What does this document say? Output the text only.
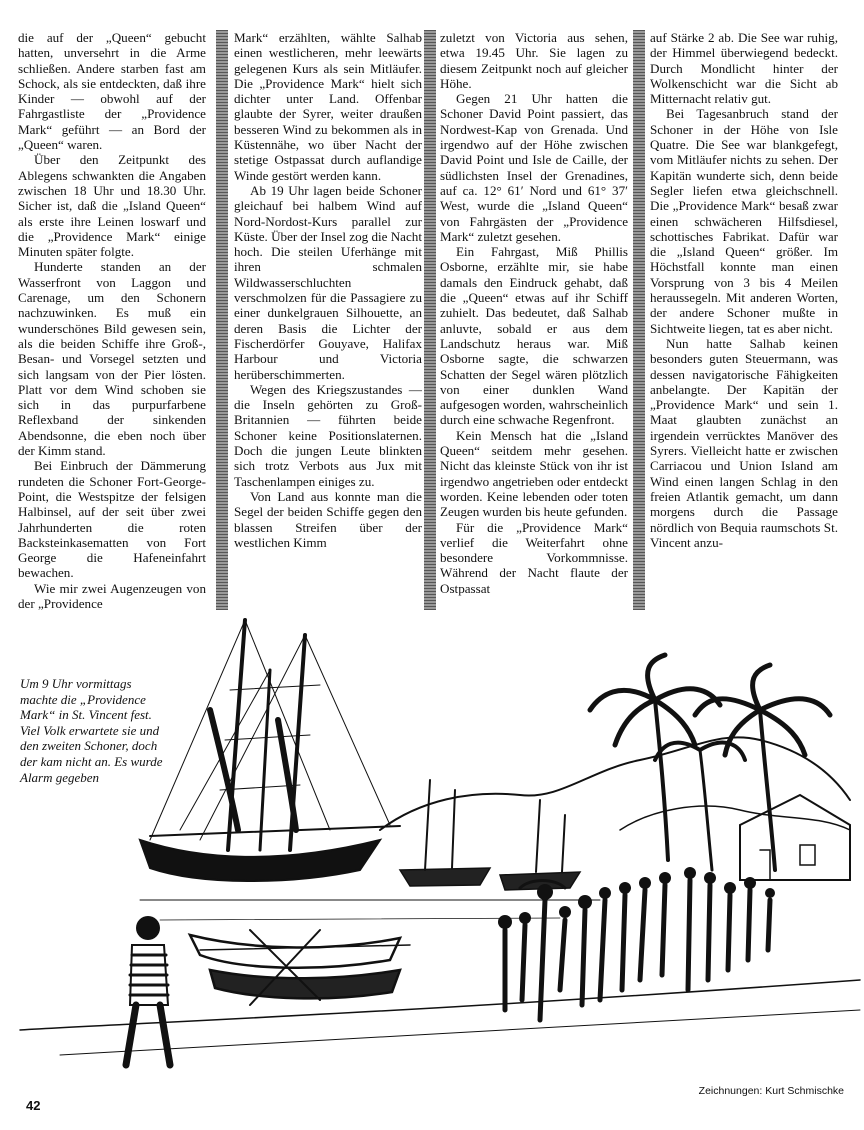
die auf der „Queen“ gebucht hatten, unversehrt in die Arme schließen. Andere starben fast am Schock, als sie entdeckten, daß ihre Kinder — obwohl auf der Fahrgastliste der „Providence Mark“ geführt — an Bord der „Queen“ waren.

Über den Zeitpunkt des Ablegens schwankten die Angaben zwischen 18 Uhr und 18.30 Uhr. Sicher ist, daß die „Island Queen“ als erste ihre Leinen loswarf und die „Providence Mark“ einige Minuten später folgte.

Hunderte standen an der Wasserfront von Laggon und Carenage, um den Schonern nachzuwinken. Es muß ein wunderschönes Bild gewesen sein, als die beiden Schiffe ihre Groß-, Besan- und Vorsegel setzten und sich langsam von der Pier lösten. Platt vor dem Wind schoben sie sich in das purpurfarbene Reflexband der sinkenden Abendsonne, die eben noch über der Kimm stand.

Bei Einbruch der Dämmerung rundeten die Schoner Fort-George-Point, die Westspitze der felsigen Halbinsel, auf der seit über zwei Jahrhunderten die roten Backsteinkasematten von Fort George die Hafeneinfahrt bewachen.

Wie mir zwei Augenzeugen von der „Providence

Mark“ erzählten, wählte Salhab einen westlicheren, mehr leewärts gelegenen Kurs als sein Mitläufer. Die „Providence Mark“ hielt sich dichter unter Land. Offenbar glaubte der Syrer, weiter draußen besseren Wind zu bekommen als in Küstennähe, wo über Nacht der stetige Ostpassat durch auflandige Winde gestört werden kann.

Ab 19 Uhr lagen beide Schoner gleichauf bei halbem Wind auf Nord-Nordost-Kurs parallel zur Küste. Über der Insel zog die Nacht hoch. Die steilen Uferhänge mit ihren schmalen Wildwasserschluchten verschmolzen für die Passagiere zu einer dunkelgrauen Silhouette, an deren Basis die Lichter der Fischerdörfer Gouyave, Halifax Harbour und Victoria herüberschimmerten.

Wegen des Kriegszustandes — die Inseln gehörten zu Groß-Britannien — führten beide Schoner keine Positionslaternen. Doch die jungen Leute blinkten sich trotz Verbots aus Jux mit Taschenlampen einiges zu.

Von Land aus konnte man die Segel der beiden Schiffe gegen den blassen Streifen über der westlichen Kimm

zuletzt von Victoria aus sehen, etwa 19.45 Uhr. Sie lagen zu diesem Zeitpunkt noch auf gleicher Höhe.

Gegen 21 Uhr hatten die Schoner David Point passiert, das Nordwest-Kap von Grenada. Und irgendwo auf der Höhe zwischen David Point und Isle de Caille, der südlichsten Insel der Grenadines, auf ca. 12° 61′ Nord und 61° 37′ West, wurde die „Island Queen“ von Fahrgästen der „Providence Mark“ zuletzt gesehen.

Ein Fahrgast, Miß Phillis Osborne, erzählte mir, sie habe damals den Eindruck gehabt, daß die „Queen“ etwas auf ihr Schiff zuhielt. Das bedeutet, daß Salhab anluvte, sobald er aus dem Landschutz heraus war. Miß Osborne sagte, die schwarzen Schatten der Segel wären plötzlich von einer dunklen Wand aufgesogen worden, wahrscheinlich durch eine schwache Regenfront.

Kein Mensch hat die „Island Queen“ seitdem mehr gesehen. Nicht das kleinste Stück von ihr ist irgendwo angetrieben oder entdeckt worden. Keine lebenden oder toten Zeugen wurden bis heute gefunden.

Für die „Providence Mark“ verlief die Weiterfahrt ohne besondere Vorkommnisse. Während der Nacht flaute der Ostpassat

auf Stärke 2 ab. Die See war ruhig, der Himmel überwiegend bedeckt. Durch Mondlicht hinter der Wolkenschicht war die Sicht ab Mitternacht relativ gut.

Bei Tagesanbruch stand der Schoner in der Höhe von Isle Quatre. Die See war blankgefegt, vom Mitläufer nichts zu sehen. Der Kapitän wunderte sich, denn beide Segler liefen etwa gleichschnell. Die „Providence Mark“ besaß zwar einen schwächeren Hilfsdiesel, schottisches Fabrikat. Dafür war die „Island Queen“ größer. Im Höchstfall konnte man einen Vorsprung von 3 bis 4 Meilen heraussegeln. Mit anderen Worten, der andere Schoner mußte in Sichtweite liegen, tat es aber nicht.

Nun hatte Salhab keinen besonders guten Steuermann, was dessen navigatorische Fähigkeiten anbelangte. Der Kapitän der „Providence Mark“ und sein 1. Maat glaubten zunächst an irgendein verrücktes Manöver des Syrers. Vielleicht hatte er zwischen Carriacou und Union Island am Wind einen langen Schlag in den freien Atlantik gemacht, um dann morgens durch die Passage nördlich von Bequia raumschots St. Vincent anzu-

Um 9 Uhr vormittags machte die „Providence Mark“ in St. Vincent fest. Viel Volk erwartete sie und den zweiten Schoner, doch der kam nicht an. Es wurde Alarm gegeben
Zeichnungen: Kurt Schmischke
42
